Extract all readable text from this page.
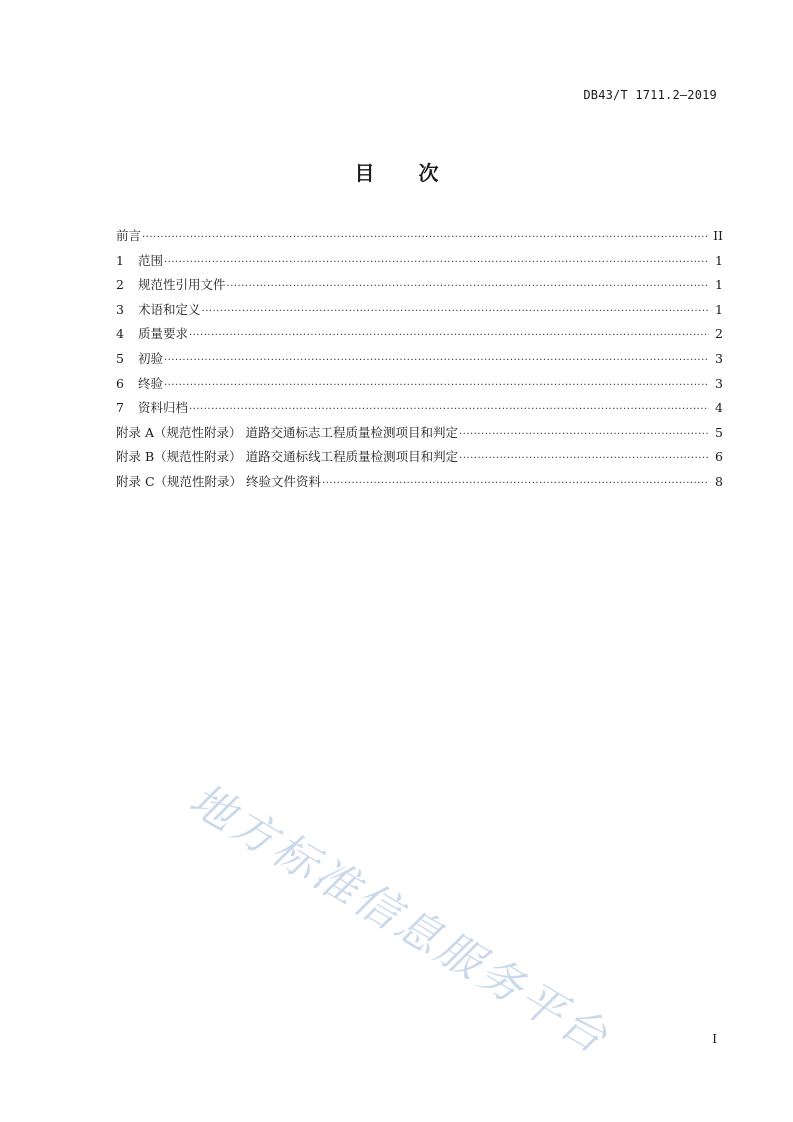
DB43/T 1711.2—2019
目 次
前言 ·····	II
1	范围 ·····	1
2	规范性引用文件 ·····	1
3	术语和定义 ·····	1
4	质量要求 ·····	2
5	初验 ·····	3
6	终验 ·····	3
7	资料归档 ·····	4
附录 A（规范性附录） 道路交通标志工程质量检测项目和判定 ·····	5
附录 B（规范性附录） 道路交通标线工程质量检测项目和判定 ·····	6
附录 C（规范性附录） 终验文件资料 ·····	8
地方标准信息服务平台	I
